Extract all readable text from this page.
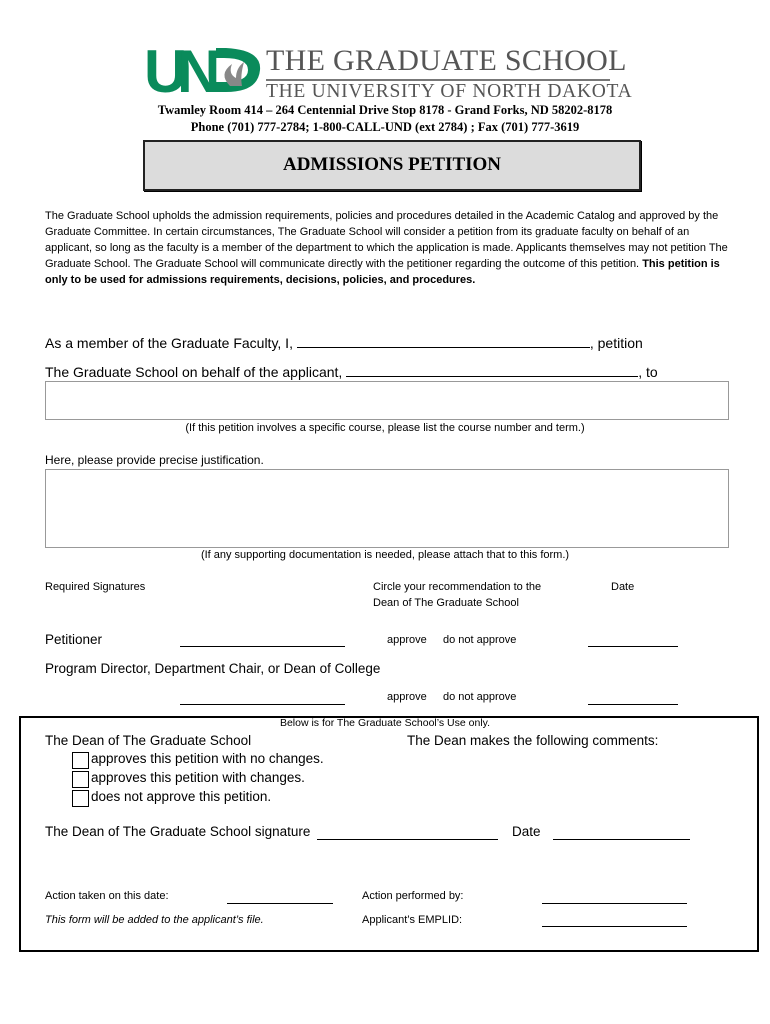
U
N THE GRADUATE SCHOOL
THE UNIVERSITY OF NORTH DAKOTA
Twamley Room 414 – 264 Centennial Drive Stop 8178 - Grand Forks, ND 58202-8178
Phone (701) 777-2784; 1-800-CALL-UND (ext 2784) ; Fax (701) 777-3619
ADMISSIONS PETITION
The Graduate School upholds the admission requirements, policies and procedures detailed in the Academic Catalog and approved by the Graduate Committee. In certain circumstances, The Graduate School will consider a petition from its graduate faculty on behalf of an applicant, so long as the faculty is a member of the department to which the application is made. Applicants themselves may not petition The Graduate School. The Graduate School will communicate directly with the petitioner regarding the outcome of this petition. This petition is only to be used for admissions requirements, decisions, policies, and procedures.
As a member of the Graduate Faculty, I,	, petition
The Graduate School on behalf of the applicant,	, to
(If this petition involves a specific course, please list the course number and term.)
Here, please provide precise justification.
(If any supporting documentation is needed, please attach that to this form.)
Required Signatures	Circle your recommendation to the
Dean of The Graduate School
Date
Petitioner	approve do not approve
Program Director, Department Chair, or Dean of College
approve do not approve
Below is for The Graduate School’s Use only.
The Dean of The Graduate School	The Dean makes the following comments:
approves this petition with no changes.
approves this petition with changes.
does not approve this petition.
The Dean of The Graduate School signature	Date
Action taken on this date:	Action performed by:
This form will be added to the applicant’s file.	Applicant’s EMPLID:
